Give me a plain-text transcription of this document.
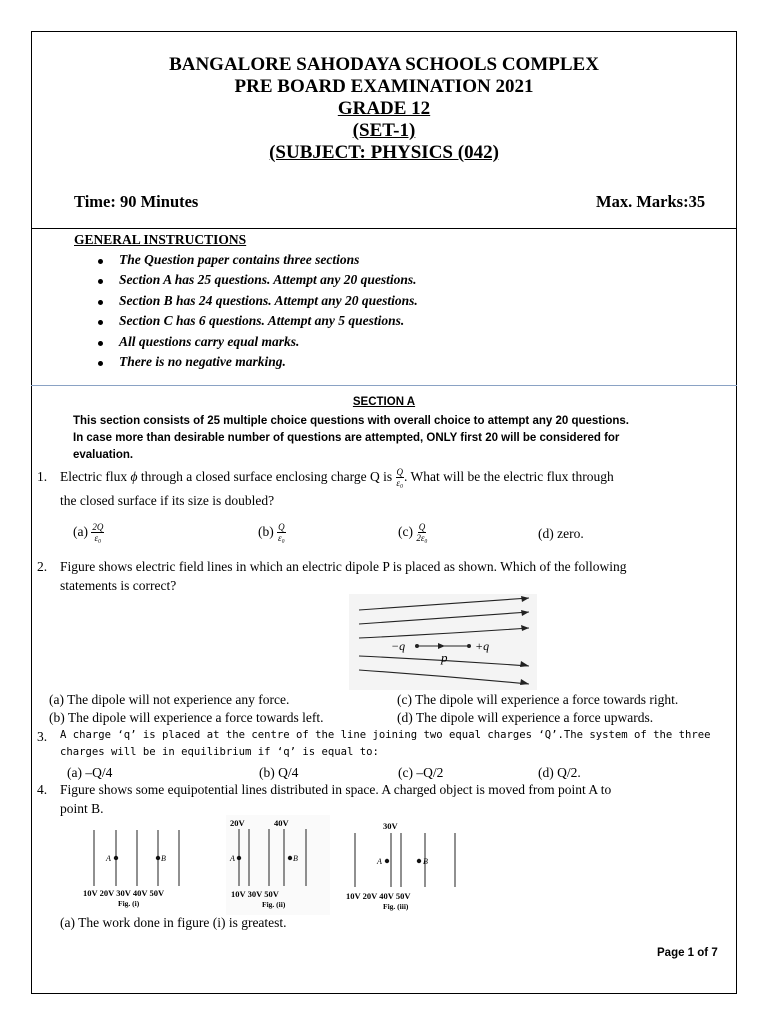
BANGALORE SAHODAYA SCHOOLS COMPLEX
PRE BOARD EXAMINATION 2021
GRADE 12
(SET-1)
(SUBJECT: PHYSICS (042)
Time: 90 Minutes	Max. Marks:35
GENERAL INSTRUCTIONS
The Question paper contains three sections
Section A has 25 questions. Attempt any 20 questions.
Section B has 24 questions. Attempt any 20 questions.
Section C has 6 questions. Attempt any 5 questions.
All questions carry equal marks.
There is no negative marking.
SECTION A
This section consists of 25 multiple choice questions with overall choice to attempt any 20 questions.
In case more than desirable number of questions are attempted, ONLY first 20 will be considered for
evaluation.
1. Electric flux ϕ through a closed surface enclosing charge Q is $\frac{Q}{\text{ε₀}}$ . What will be the electric flux through
the closed surface if its size is doubled?
$(a) \frac{2Q}{\text{ε₀}}$	$(b) \frac{Q}{\text{ε₀}}$	$(c) \frac{Q}{\text{2ε₀}}$	(d) zero.
2. Figure shows electric field lines in which an electric dipole P is placed as shown. Which of the following
statements is correct?
−q	+q
p
(a) The dipole will not experience any force.	(c) The dipole will experience a force towards right.
(b) The dipole will experience a force towards left.	(d) The dipole will experience a force upwards.
3. A charge ‘q’ is placed at the centre of the line joining two equal charges ‘Q’.The system of the three
charges will be in equilibrium if ‘q’ is equal to:
(a) –Q/4	(b) Q/4	(c) –Q/2	(d) Q/2.
4. Figure shows some equipotential lines distributed in space. A charged object is moved from point A to
point B.
A	B
10V 20V 30V 40V 50V
Fig. (i)
20V	40V
A	B
10V 30V 50V
Fig. (ii)
30V
A	B
10V 20V 40V 50V
Fig. (iii)
(a) The work done in figure (i) is greatest.
Page 1 of 7
